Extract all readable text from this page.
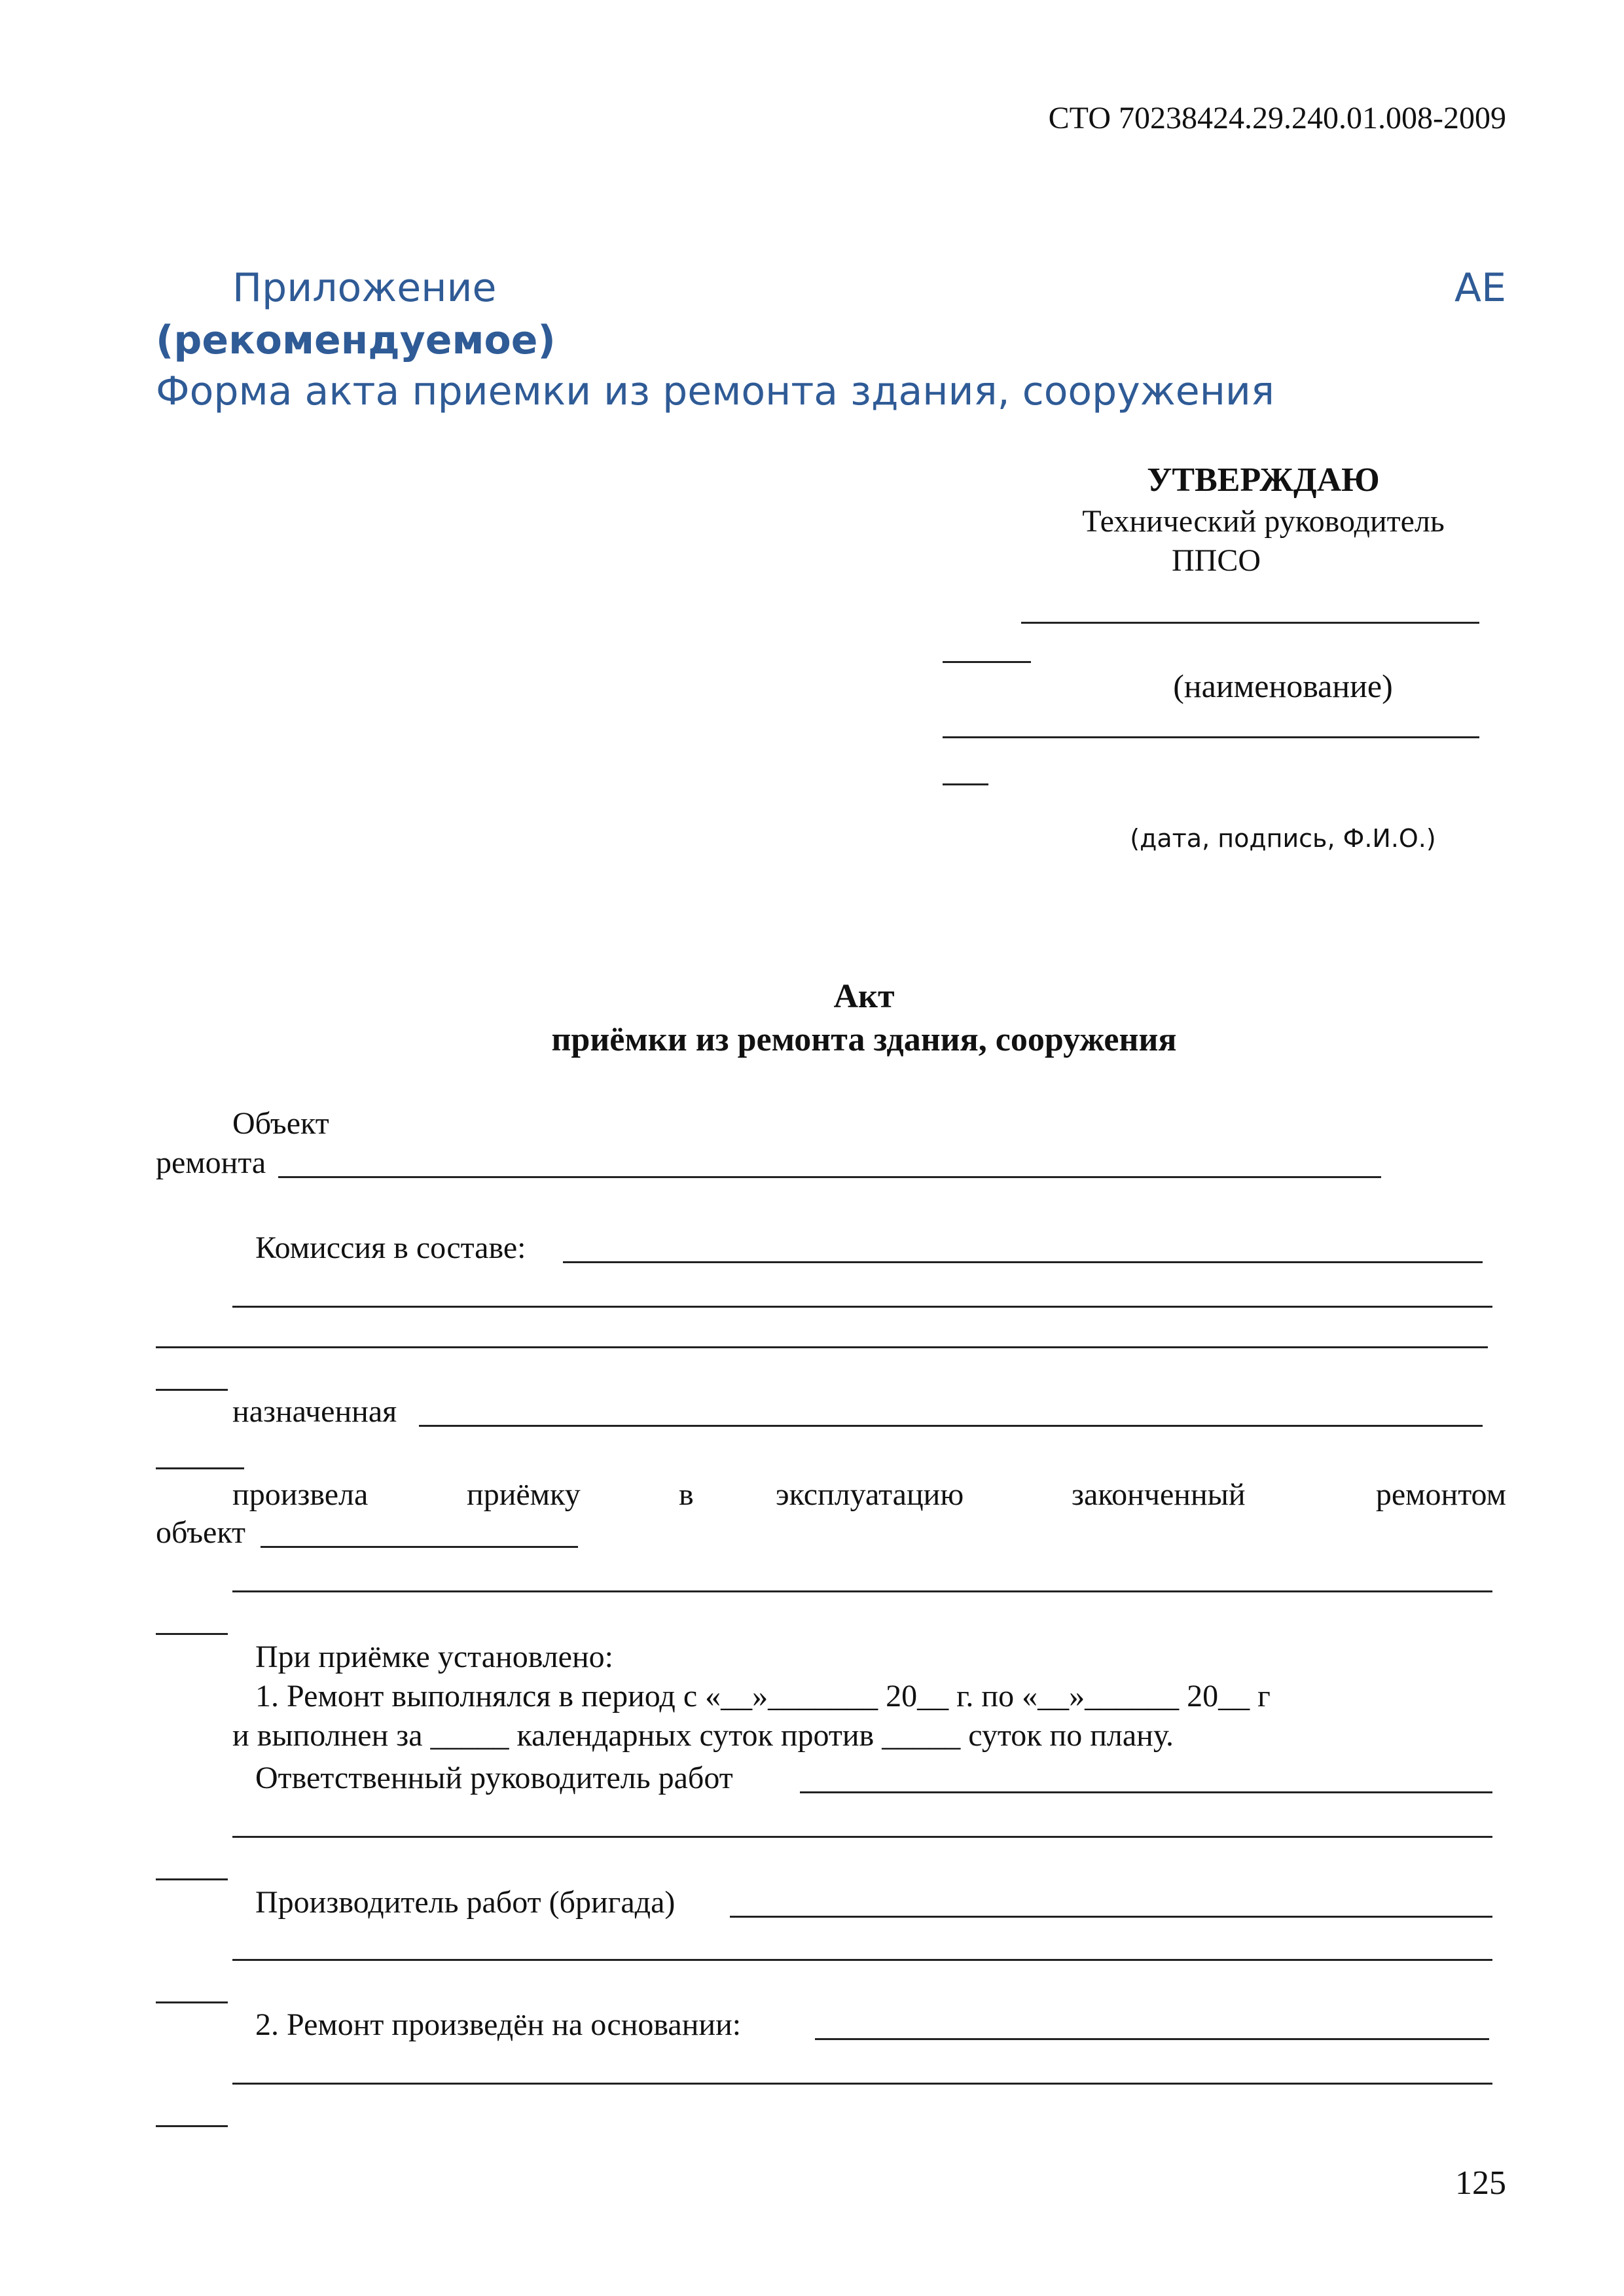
СТО 70238424.29.240.01.008-2009
Приложение	АЕ
(рекомендуемое)
Форма акта приемки из ремонта здания, сооружения
УТВЕРЖДАЮ
Технический руководитель
ППСО
(наименование)
(дата, подпись, Ф.И.О.)
Акт
приёмки из ремонта здания, сооружения
Объект
ремонта
Комиссия в составе:
назначенная
произвела	приёмку	в	эксплуатацию	законченный	ремонтом
объект
При приёмке установлено:
1. Ремонт выполнялся в период с «__»_______ 20__ г. по «__»______ 20__ г
и выполнен за _____ календарных суток против _____ суток по плану.
Ответственный руководитель работ
Производитель работ (бригада)
2. Ремонт произведён на основании:
125
